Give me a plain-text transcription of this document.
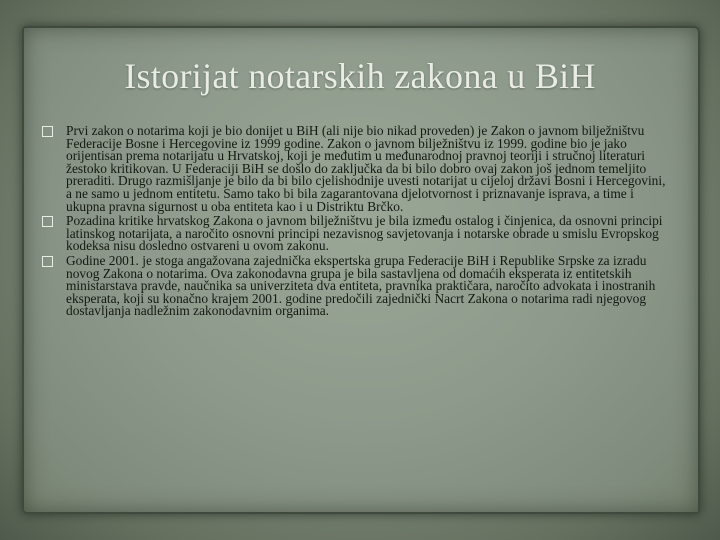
Istorijat notarskih zakona u BiH
Prvi zakon o notarima koji je bio donijet u BiH (ali nije bio nikad proveden) je Zakon o javnom bilježništvu Federacije Bosne i Hercegovine iz 1999 godine. Zakon o javnom bilježništvu iz 1999. godine bio je jako orijentisan prema notarijatu u Hrvatskoj, koji je međutim u međunarodnoj pravnoj teoriji i stručnoj literaturi žestoko kritikovan. U Federaciji BiH se došlo do zaključka da bi bilo dobro ovaj zakon još jednom temeljito preraditi. Drugo razmišljanje je bilo da bi bilo cjelishodnije uvesti notarijat u cijeloj državi Bosni i Hercegovini, a ne samo u jednom entitetu. Samo tako bi bila zagarantovana djelotvornost i priznavanje isprava, a time i ukupna pravna sigurnost u oba entiteta kao i u Distriktu Brčko.
Pozadina kritike hrvatskog Zakona o javnom bilježništvu je bila između ostalog i činjenica, da osnovni principi latinskog notarijata, a naročito osnovni principi nezavisnog savjetovanja i notarske obrade u smislu Evropskog kodeksa nisu dosledno ostvareni u ovom zakonu.
Godine 2001. je stoga angažovana zajednička ekspertska grupa Federacije BiH i Republike Srpske za izradu novog Zakona o notarima. Ova zakonodavna grupa je bila sastavljena od domaćih eksperata iz entitetskih ministarstava pravde, naučnika sa univerziteta dva entiteta, pravnika praktičara, naročito advokata i inostranih eksperata, koji su konačno krajem 2001. godine predočili zajednički Nacrt Zakona o notarima radi njegovog dostavljanja nadležnim zakonodavnim organima.
